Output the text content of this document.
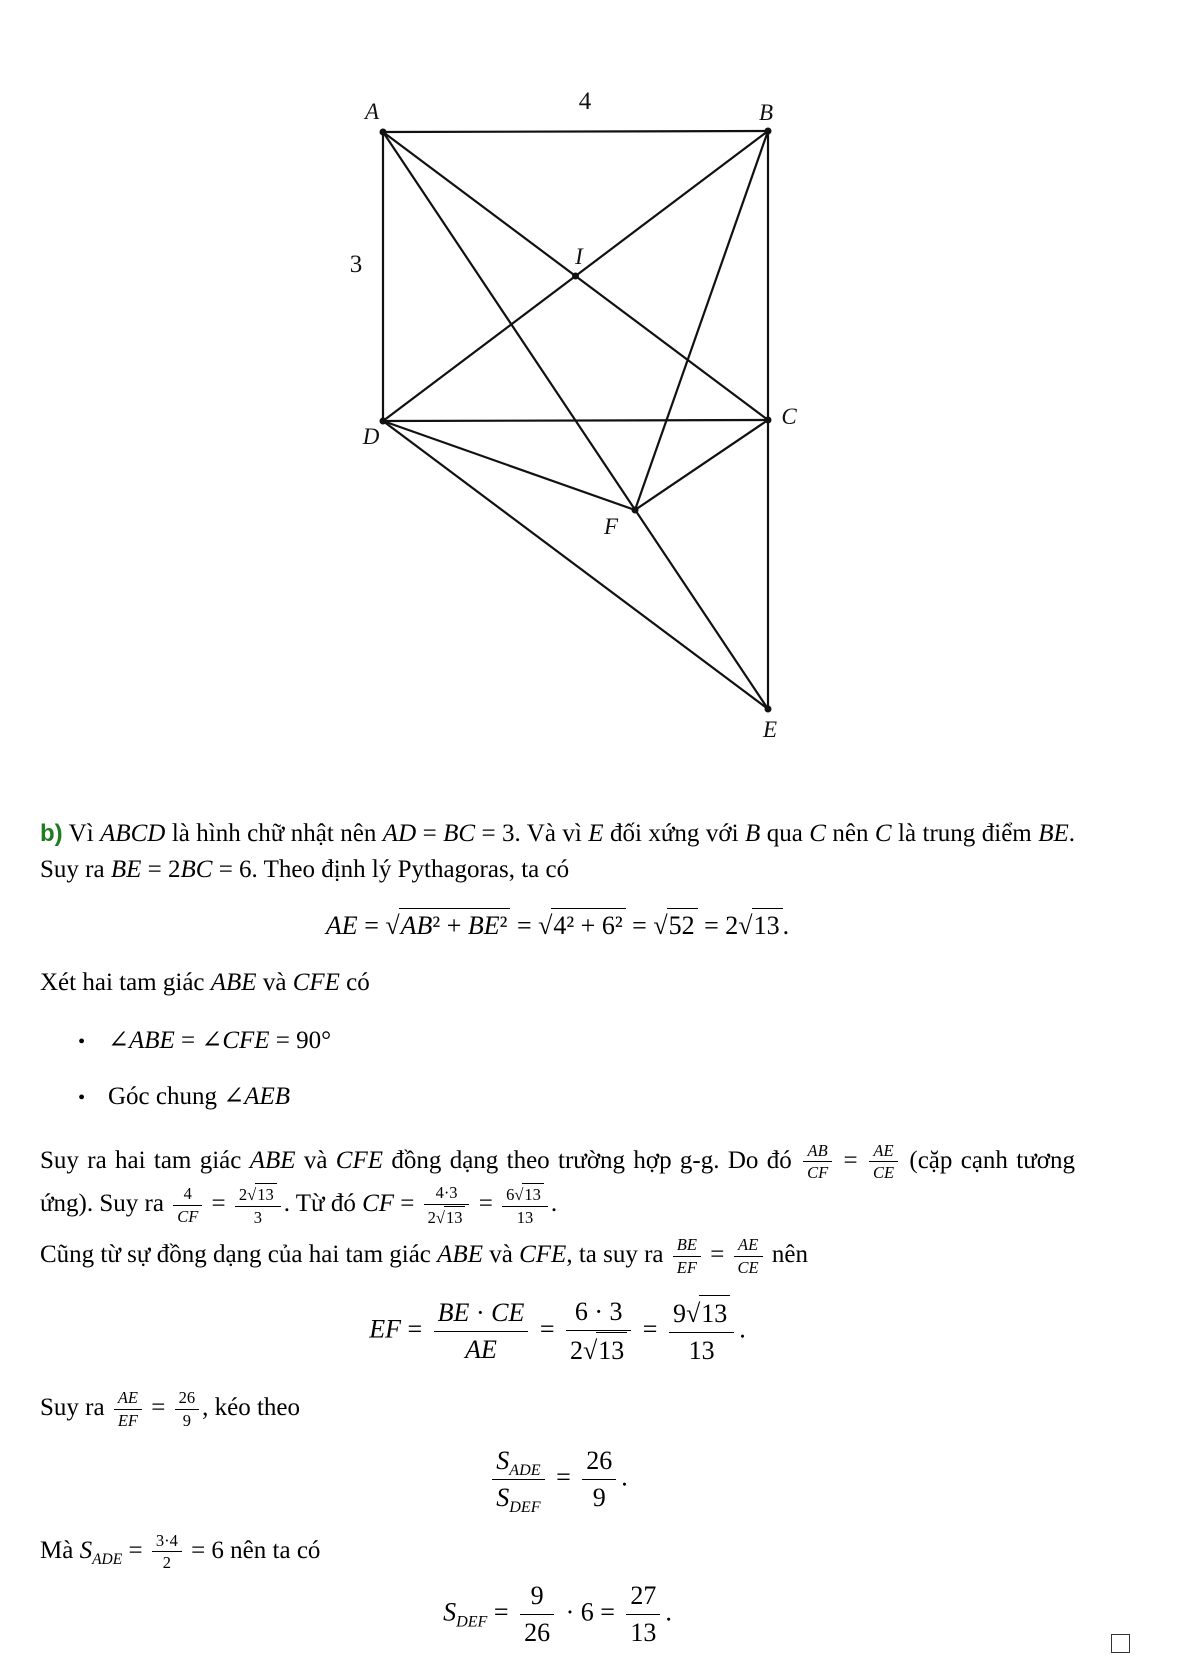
A	B
C
D
E
F
I
4
3

b) Vì ABCD là hình chữ nhật nên AD = BC = 3. Và vì E đối xứng với B qua C nên C là trung điểm BE. Suy ra BE = 2BC = 6. Theo định lý Pythagoras, ta có

AE = √ AB² + BE² = √ 4² + 6² = √ 52 = 2 √ 13 .

Xét hai tam giác ABE và CFE có

• ∠ABE = ∠CFE = 90°
• Góc chung ∠AEB

Suy ra hai tam giác ABE và CFE đồng dạng theo trường hợp g-g. Do đó $\frac{AB}{CF} = \frac{AE}{CE}$ (cặp cạnh tương ứng). Suy ra $\frac{4}{CF} = \frac{2 √ 13}{3}$ . Từ đó CF = $\frac{4\cdot 3}{2 √ 13} = \frac{6 √ 13}{13}$ .

Cũng từ sự đồng dạng của hai tam giác ABE và CFE, ta suy ra $\frac{BE}{EF} = \frac{AE}{CE}$ nên

EF = $\frac{BE \cdot CE}{AE} = \frac{6 \cdot 3}{2 √ 13} = \frac{9 √ 13}{13}$ .

Suy ra $\frac{AE}{EF} = \frac{26}{9}$ , kéo theo

$\frac{S_{ADE}}{S_{DEF}} = \frac{26}{9}$ .

Mà $S_{ADE} = \frac{3\cdot 4}{2} = 6$ nên ta có

$S_{DEF} = \frac{9}{26} \cdot 6 = \frac{27}{13}$ .
